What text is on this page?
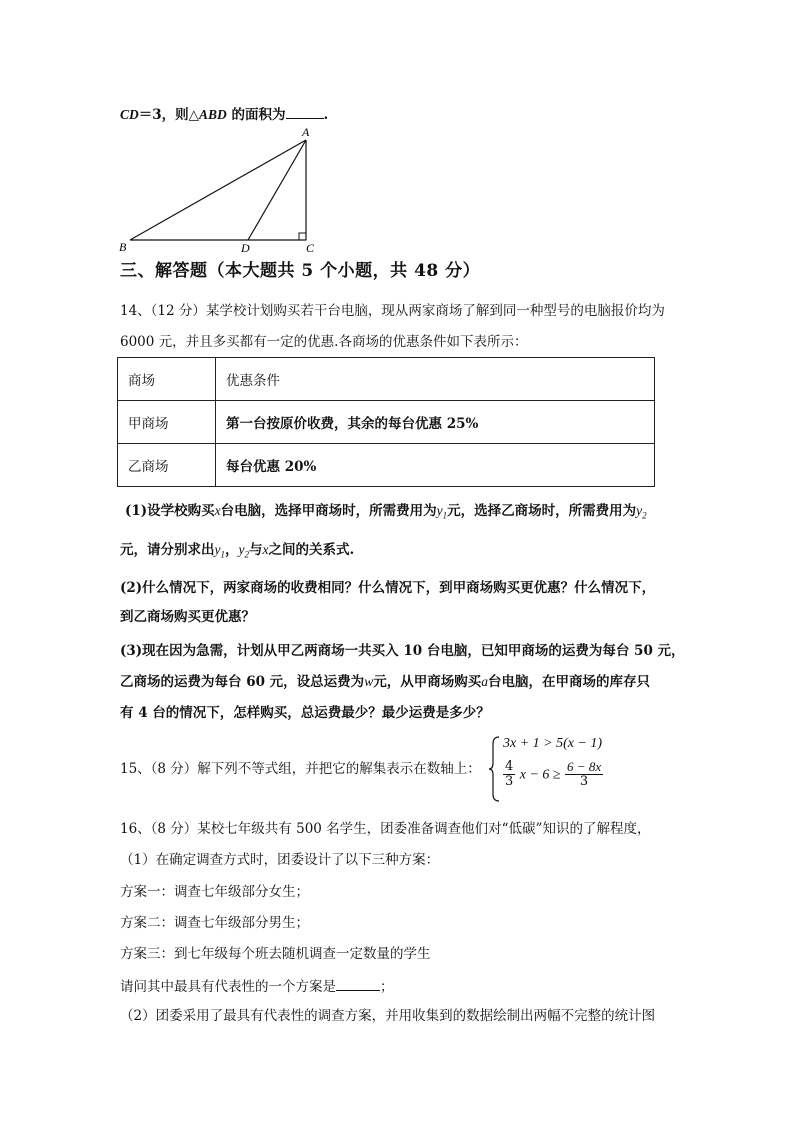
CD＝3，则△ABD 的面积为	.
A
B	D	C
三、解答题（本大题共 5 个小题，共 48 分）
14、（12 分）某学校计划购买若干台电脑，现从两家商场了解到同一种型号的电脑报价均为
6000 元，并且多买都有一定的优惠.各商场的优惠条件如下表所示：
商场	优惠条件
甲商场	第一台按原价收费，其余的每台优惠 25%
乙商场	每台优惠 20%
(1)设学校购买x台电脑，选择甲商场时，所需费用为$y_1$元，选择乙商场时，所需费用为$y_2$
元，请分别求出$y_1$，$y_2$与x之间的关系式.
(2)什么情况下，两家商场的收费相同？什么情况下，到甲商场购买更优惠？什么情况下，
到乙商场购买更优惠？
(3)现在因为急需，计划从甲乙两商场一共买入 10 台电脑，已知甲商场的运费为每台 50 元，
乙商场的运费为每台 60 元，设总运费为w元，从甲商场购买a台电脑，在甲商场的库存只
有 4 台的情况下，怎样购买，总运费最少？最少运费是多少？
15、（8 分）解下列不等式组，并把它的解集表示在数轴上：
3x + 1 > 5(x − 1)
$\frac{4}{3}$ $x - 6 \ge \frac{6 - 8x}{3}$
16、（8 分）某校七年级共有 500 名学生，团委准备调查他们对“低碳”知识的了解程度，
（1）在确定调查方式时，团委设计了以下三种方案：
方案一：调查七年级部分女生；
方案二：调查七年级部分男生；
方案三：到七年级每个班去随机调查一定数量的学生
请问其中最具有代表性的一个方案是	；
（2）团委采用了最具有代表性的调查方案，并用收集到的数据绘制出两幅不完整的统计图
